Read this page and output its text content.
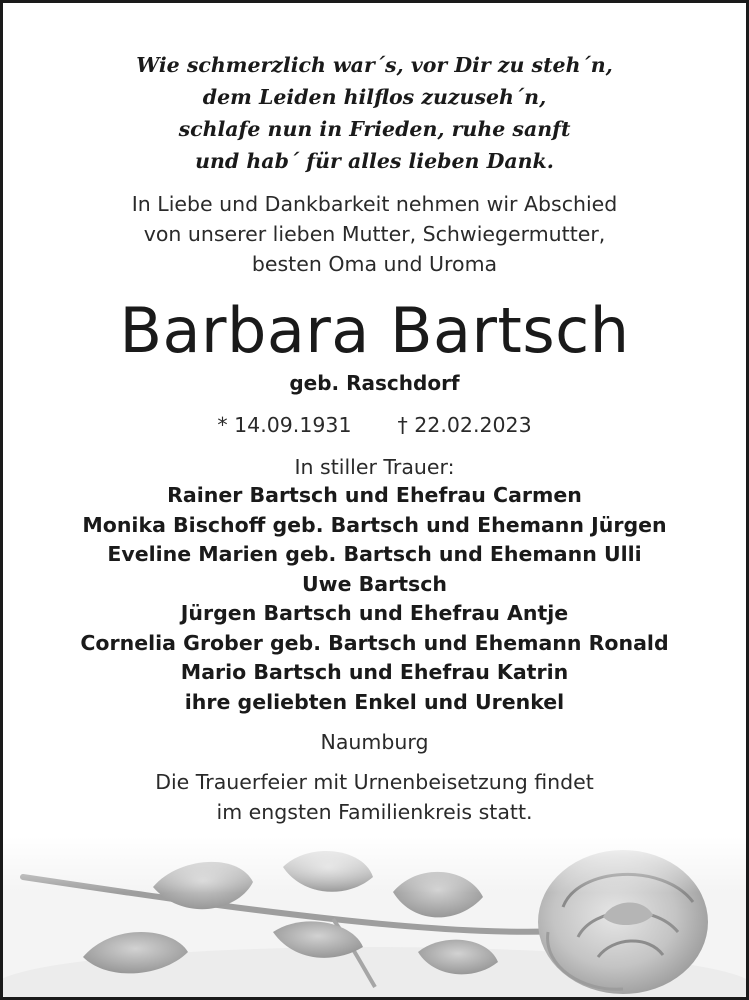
Wie schmerzlich war´s, vor Dir zu steh´n,
dem Leiden hilflos zuzuseh´n,
schlafe nun in Frieden, ruhe sanft
und hab´ für alles lieben Dank.
In Liebe und Dankbarkeit nehmen wir Abschied
von unserer lieben Mutter, Schwiegermutter,
besten Oma und Uroma
Barbara Bartsch
geb. Raschdorf
* 14.09.1931 † 22.02.2023
In stiller Trauer:
Rainer Bartsch und Ehefrau Carmen
Monika Bischoff geb. Bartsch und Ehemann Jürgen
Eveline Marien geb. Bartsch und Ehemann Ulli
Uwe Bartsch
Jürgen Bartsch und Ehefrau Antje
Cornelia Grober geb. Bartsch und Ehemann Ronald
Mario Bartsch und Ehefrau Katrin
ihre geliebten Enkel und Urenkel
Naumburg
Die Trauerfeier mit Urnenbeisetzung findet
im engsten Familienkreis statt.
